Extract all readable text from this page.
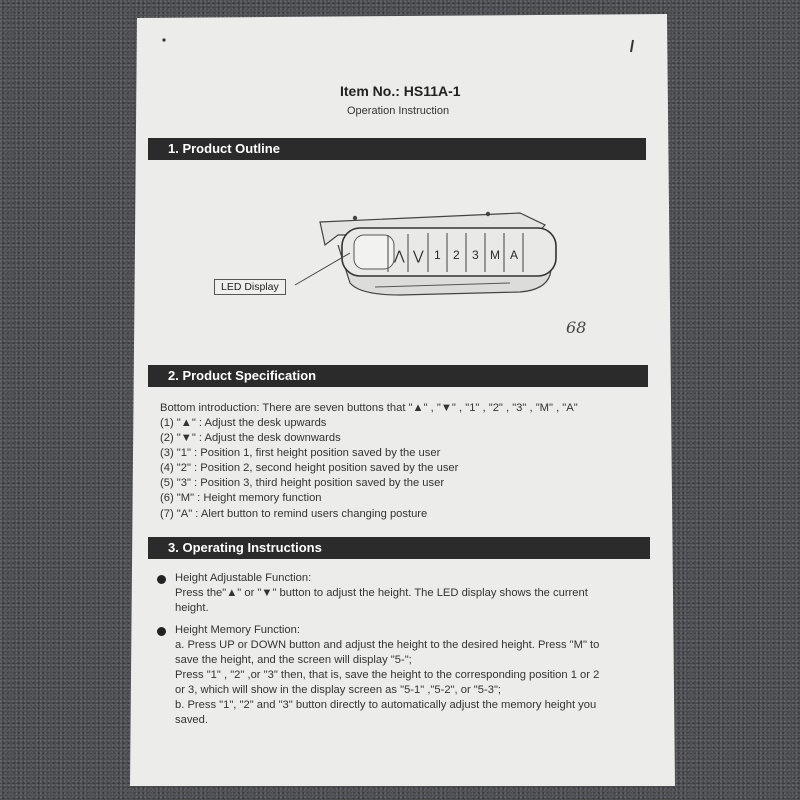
Item No.: HS11A-1
Operation Instruction
1. Product Outline
⋀ ⋁ 1 2 3 M A
LED Display
68
2. Product Specification
Bottom introduction: There are seven buttons that "▲" , "▼" , "1" , "2" , "3" , "M" , "A"
(1) "▲" : Adjust the desk upwards
(2) "▼" : Adjust the desk downwards
(3) "1" : Position 1, first height position saved by the user
(4) "2" : Position 2, second height position saved by the user
(5) "3" : Position 3, third height position saved by the user
(6) "M" : Height memory function
(7) "A" : Alert button to remind users changing posture
3. Operating Instructions
Height Adjustable Function:
Press the"▲" or "▼" button to adjust the height. The LED display shows the current
height.
Height Memory Function:
a. Press UP or DOWN button and adjust the height to the desired height. Press "M" to
save the height, and the screen will display "5-";
Press "1" , "2" ,or "3" then, that is, save the height to the corresponding position 1 or 2
or 3, which will show in the display screen as "5-1" ,"5-2", or "5-3";
b. Press "1", "2" and "3" button directly to automatically adjust the memory height you
saved.
